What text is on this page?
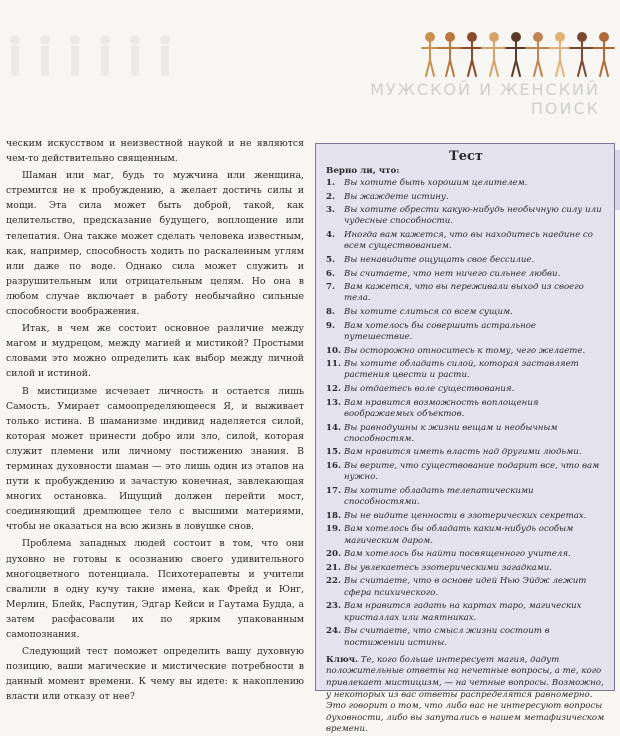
МУЖСКОЙ И ЖЕНСКИЙ ПОИСК

ческим искусством и неизвестной наукой и не являются чем-то действительно священным.

Шаман или маг, будь то мужчина или женщина, стремится не к пробуждению, а желает достичь силы и мощи. Эта сила может быть доброй, такой, как целительство, предсказание будущего, воплощение или телепатия. Она также может сделать человека известным, как, например, способность ходить по раскаленным углям или даже по воде. Однако сила может служить и разрушительным или отрицательным целям. Но она в любом случае включает в работу необычайно сильные способности воображения.

Итак, в чем же состоит основное различие между магом и мудрецом, между магией и мистикой? Простыми словами это можно определить как выбор между личной силой и истиной.

В мистицизме исчезает личность и остается лишь Самость. Умирает самоопределяющееся Я, и выживает только истина. В шаманизме индивид наделяется силой, которая может принести добро или зло, силой, которая служит племени или личному постижению знания. В терминах духовности шаман — это лишь один из этапов на пути к пробуждению и зачастую конечная, завлекающая многих остановка. Ищущий должен перейти мост, соединяющий дремлющее тело с высшими материями, чтобы не оказаться на всю жизнь в ловушке снов.

Проблема западных людей состоит в том, что они духовно не готовы к осознанию своего удивительного многоцветного потенциала. Психотерапевты и учители свалили в одну кучу такие имена, как Фрейд и Юнг, Мерлин, Блейк, Распутин, Эдгар Кейси и Гаутама Будда, а затем расфасовали их по ярким упакованным самопознания.

Следующий тест поможет определить вашу духовную позицию, ваши магические и мистические потребности в данный момент времени. К чему вы идете: к накоплению власти или отказу от нее?

Тест
Верно ли, что:
1.	Вы хотите быть хорошим целителем.
2.	Вы жаждете истину.
3.	Вы хотите обрести какую-нибудь необычную силу или чудесные способности.
4.	Иногда вам кажется, что вы находитесь наедине со всем существованием.
5.	Вы ненавидите ощущать свое бессилие.
6.	Вы считаете, что нет ничего сильнее любви.
7.	Вам кажется, что вы переживали выход из своего тела.
8.	Вы хотите слиться со всем сущим.
9.	Вам хотелось бы совершить астральное путешествие.
10. Вы осторожно относитесь к тому, чего желаете.
11. Вы хотите обладать силой, которая заставляет растения цвести и расти.
12. Вы отдаетесь воле существования.
13. Вам нравится возможность воплощения воображаемых объектов.
14. Вы равнодушны к жизни вещам и необычным способностям.
15. Вам нравится иметь власть над другими людьми.
16. Вы верите, что существование подарит все, что вам нужно.
17. Вы хотите обладать телепатическими способностями.
18. Вы не видите ценности в эзотерических секретах.
19. Вам хотелось бы обладать каким-нибудь особым магическим даром.
20. Вам хотелось бы найти посвященного учителя.
21. Вы увлекаетесь эзотерическими загадками.
22. Вы считаете, что в основе идей Нью Эйдж лежит сфера психического.
23. Вам нравится гадать на картах таро, магических кристаллах или маятниках.
24. Вы считаете, что смысл жизни состоит в постижении истины.
Ключ. Те, кого больше интересует магия, дадут положительные ответы на нечетные вопросы, а те, кого привлекает мистицизм, — на четные вопросы. Возможно, у некоторых из вас ответы распределятся равномерно. Это говорит о том, что либо вас не интересуют вопросы духовности, либо вы запутались в нашем метафизическом времени.
